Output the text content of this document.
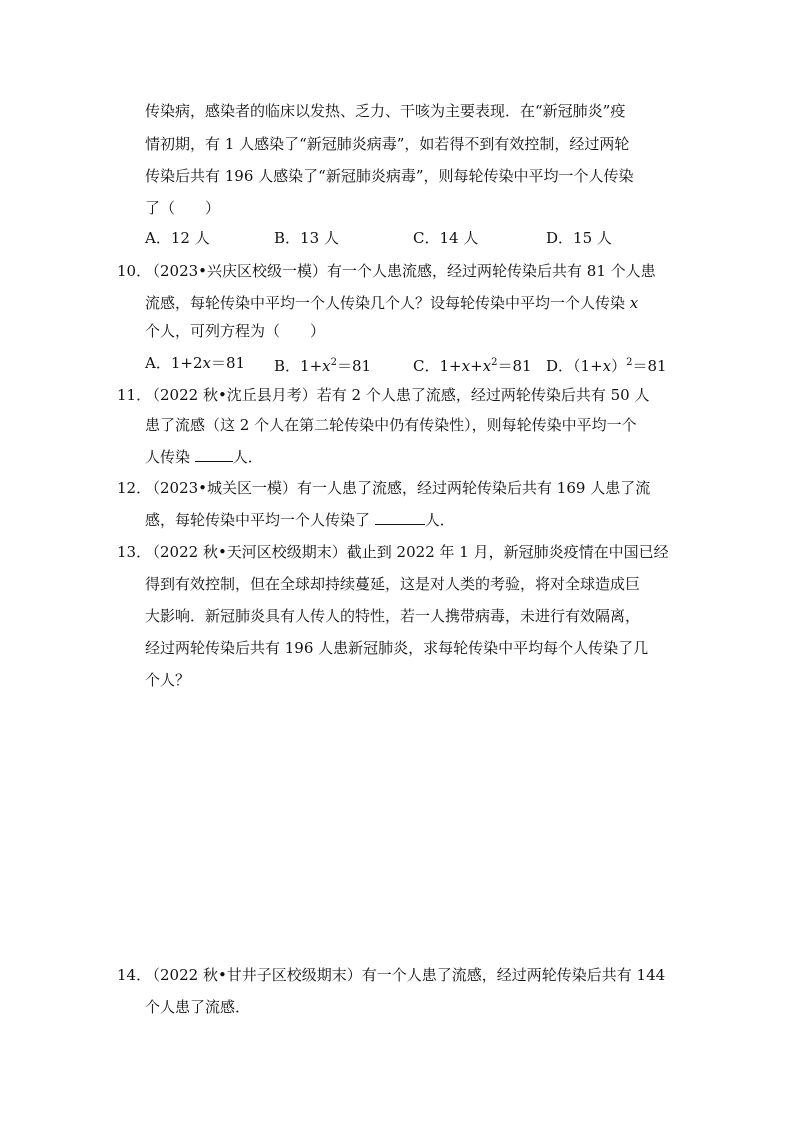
传染病，感染者的临床以发热、乏力、干咳为主要表现．在“新冠肺炎”疫
情初期，有 1 人感染了“新冠肺炎病毒”，如若得不到有效控制，经过两轮
传染后共有 196 人感染了“新冠肺炎病毒”，则每轮传染中平均一个人传染
了（　　）
A．12 人	B．13 人	C．14 人	D．15 人
10．
（2023•兴庆区校级一模）有一个人患流感，经过两轮传染后共有 81 个人患
流感，每轮传染中平均一个人传染几个人？设每轮传染中平均一个人传染 x
个人，可列方程为（　　）
A．1+2x＝81 B．$1+x^2=81$	C．$1+x+x^2=81$ D．$(1+x)^2=81$
11．
（2022 秋•沈丘县月考）若有 2 个人患了流感，经过两轮传染后共有 50 人
患了流感（这 2 个人在第二轮传染中仍有传染性），则每轮传染中平均一个
人传染	人．
12．
（2023•城关区一模）有一人患了流感，经过两轮传染后共有 169 人患了流
感，每轮传染中平均一个人传染了	人．
13．
（2022 秋•天河区校级期末）截止到 2022 年 1 月，新冠肺炎疫情在中国已经
得到有效控制，但在全球却持续蔓延，这是对人类的考验，将对全球造成巨
大影响．新冠肺炎具有人传人的特性，若一人携带病毒，未进行有效隔离，
经过两轮传染后共有 196 人患新冠肺炎，求每轮传染中平均每个人传染了几
个人？
14．
（2022 秋•甘井子区校级期末）有一个人患了流感，经过两轮传染后共有 144
个人患了流感．
